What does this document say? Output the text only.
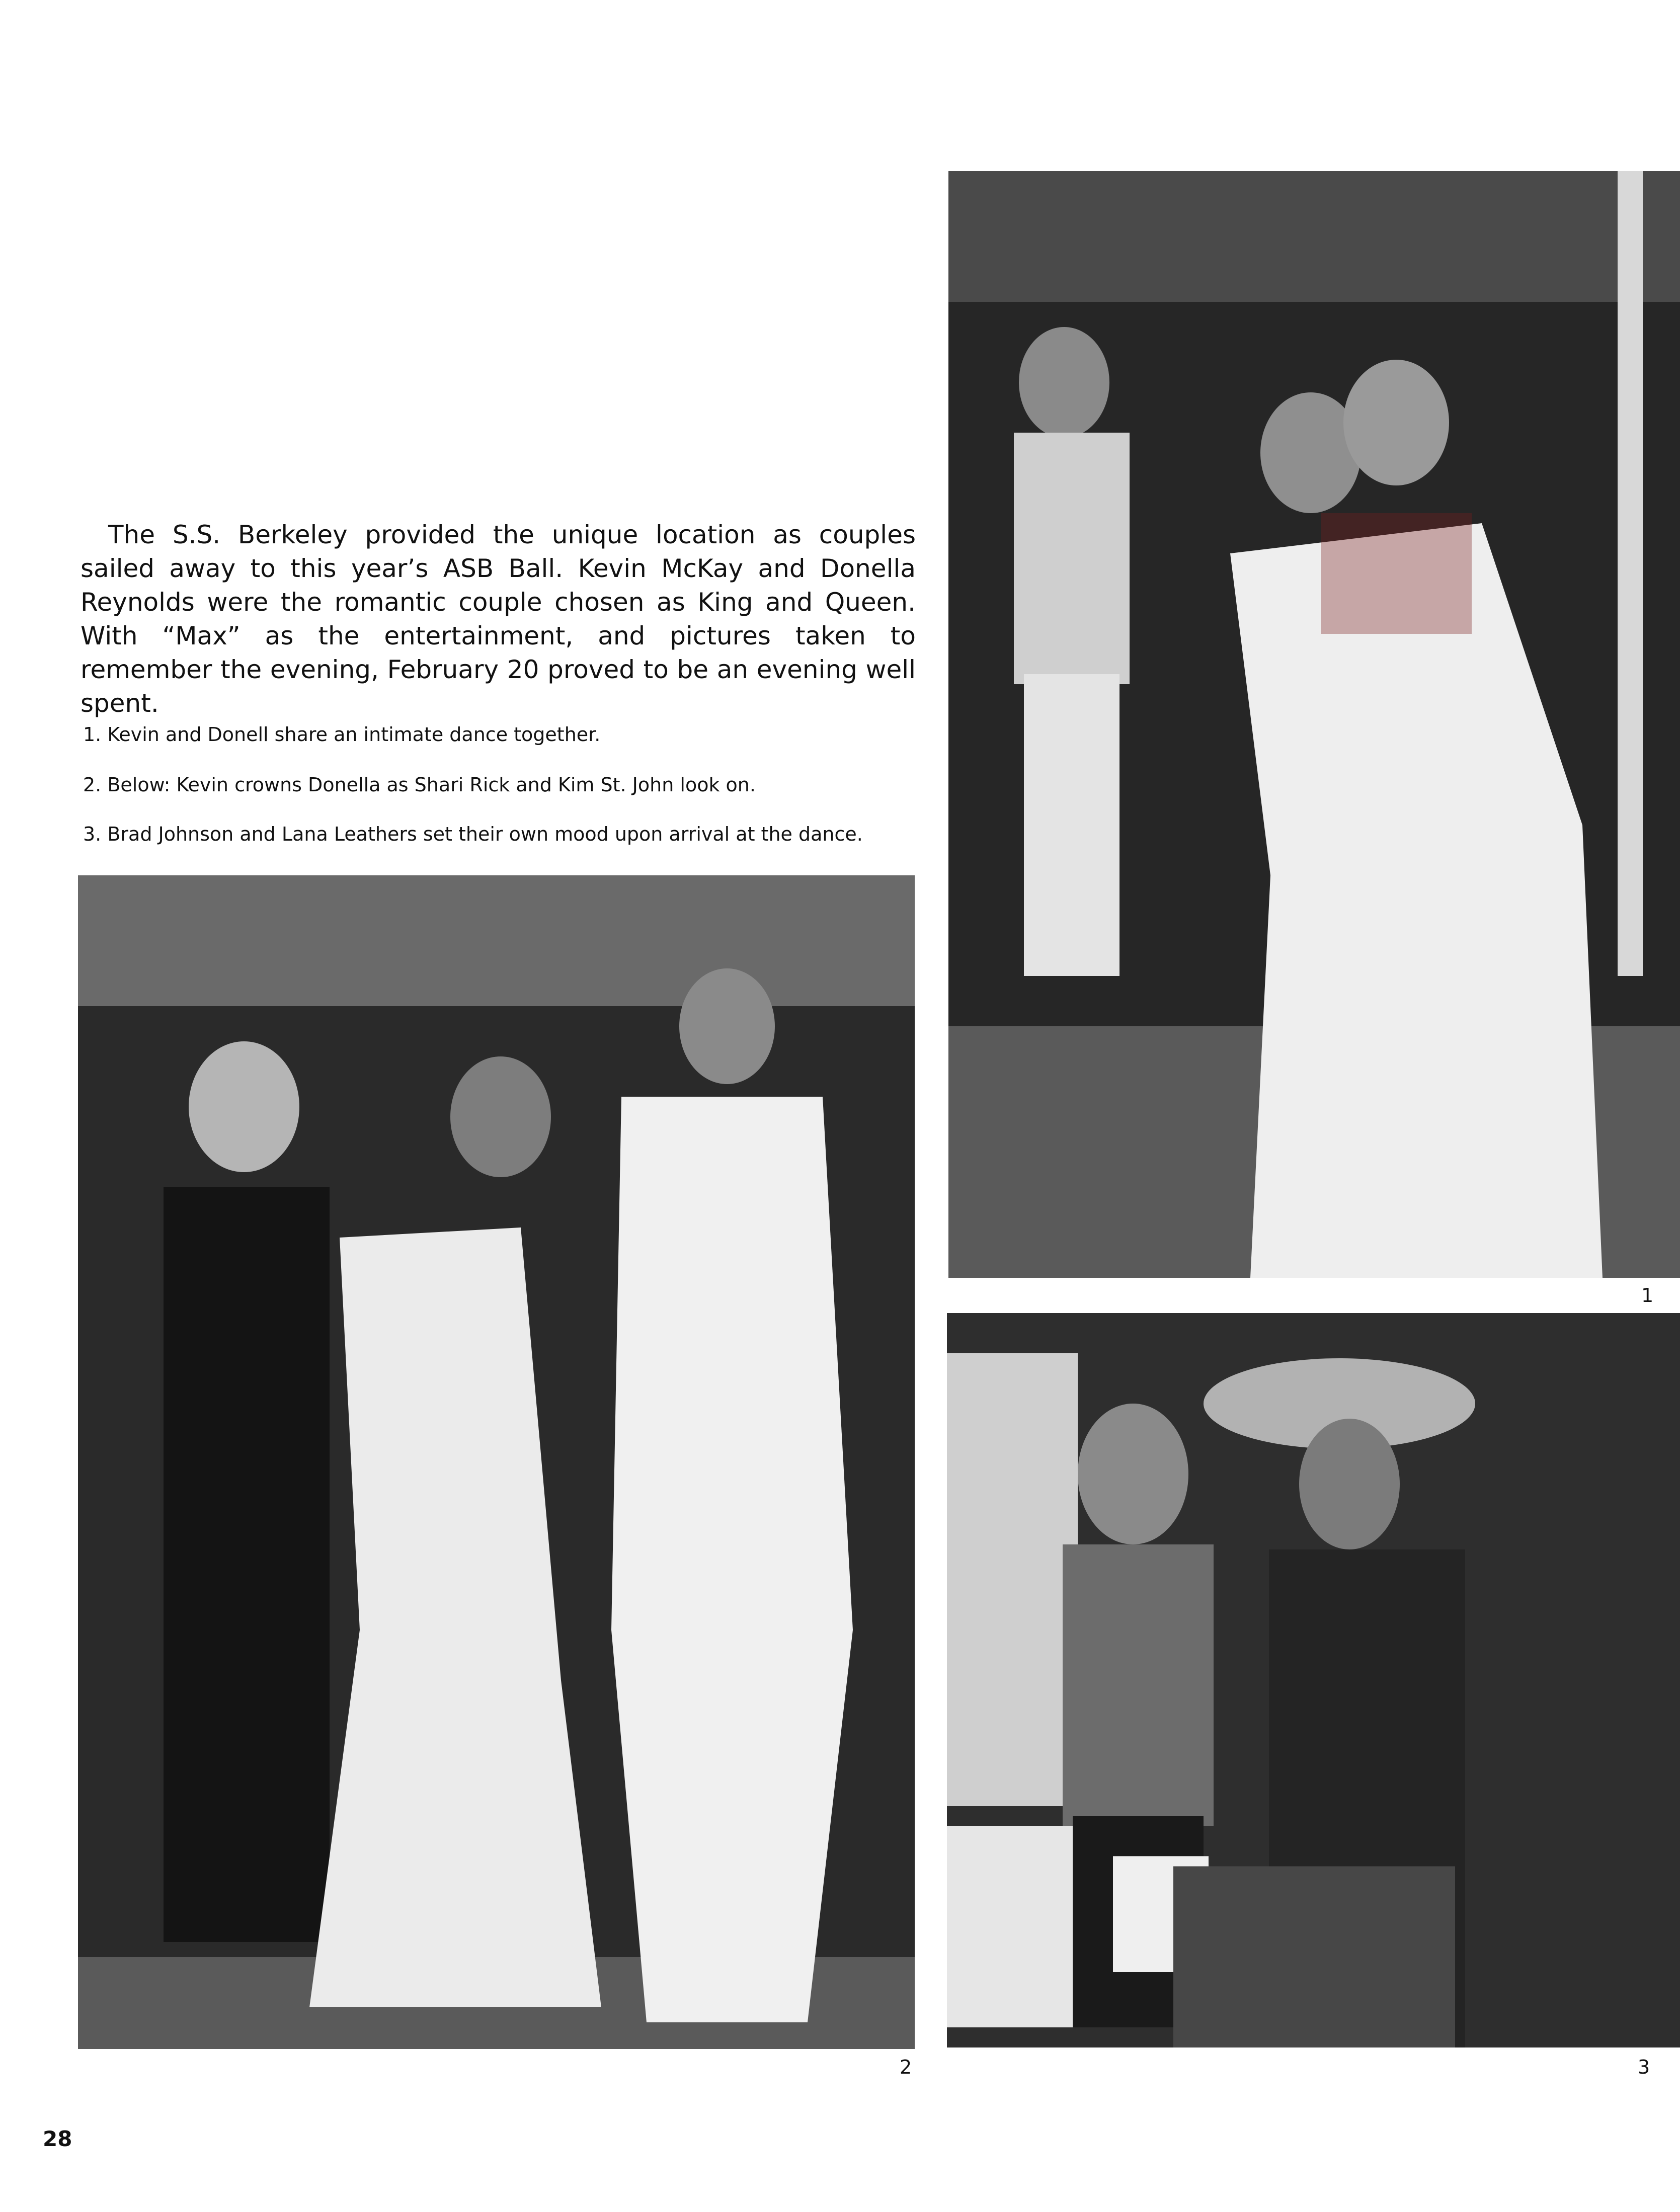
The S.S. Berkeley provided the unique location as couples sailed away to this year’s ASB Ball. Kevin McKay and Donella Reynolds were the romantic couple chosen as King and Queen. With “Max” as the entertainment, and pictures taken to remember the evening, February 20 proved to be an evening well spent.

1. Kevin and Donell share an intimate dance together.

2. Below: Kevin crowns Donella as Shari Rick and Kim St. John look on.

3. Brad Johnson and Lana Leathers set their own mood upon arrival at the dance.

1
2	3
28
